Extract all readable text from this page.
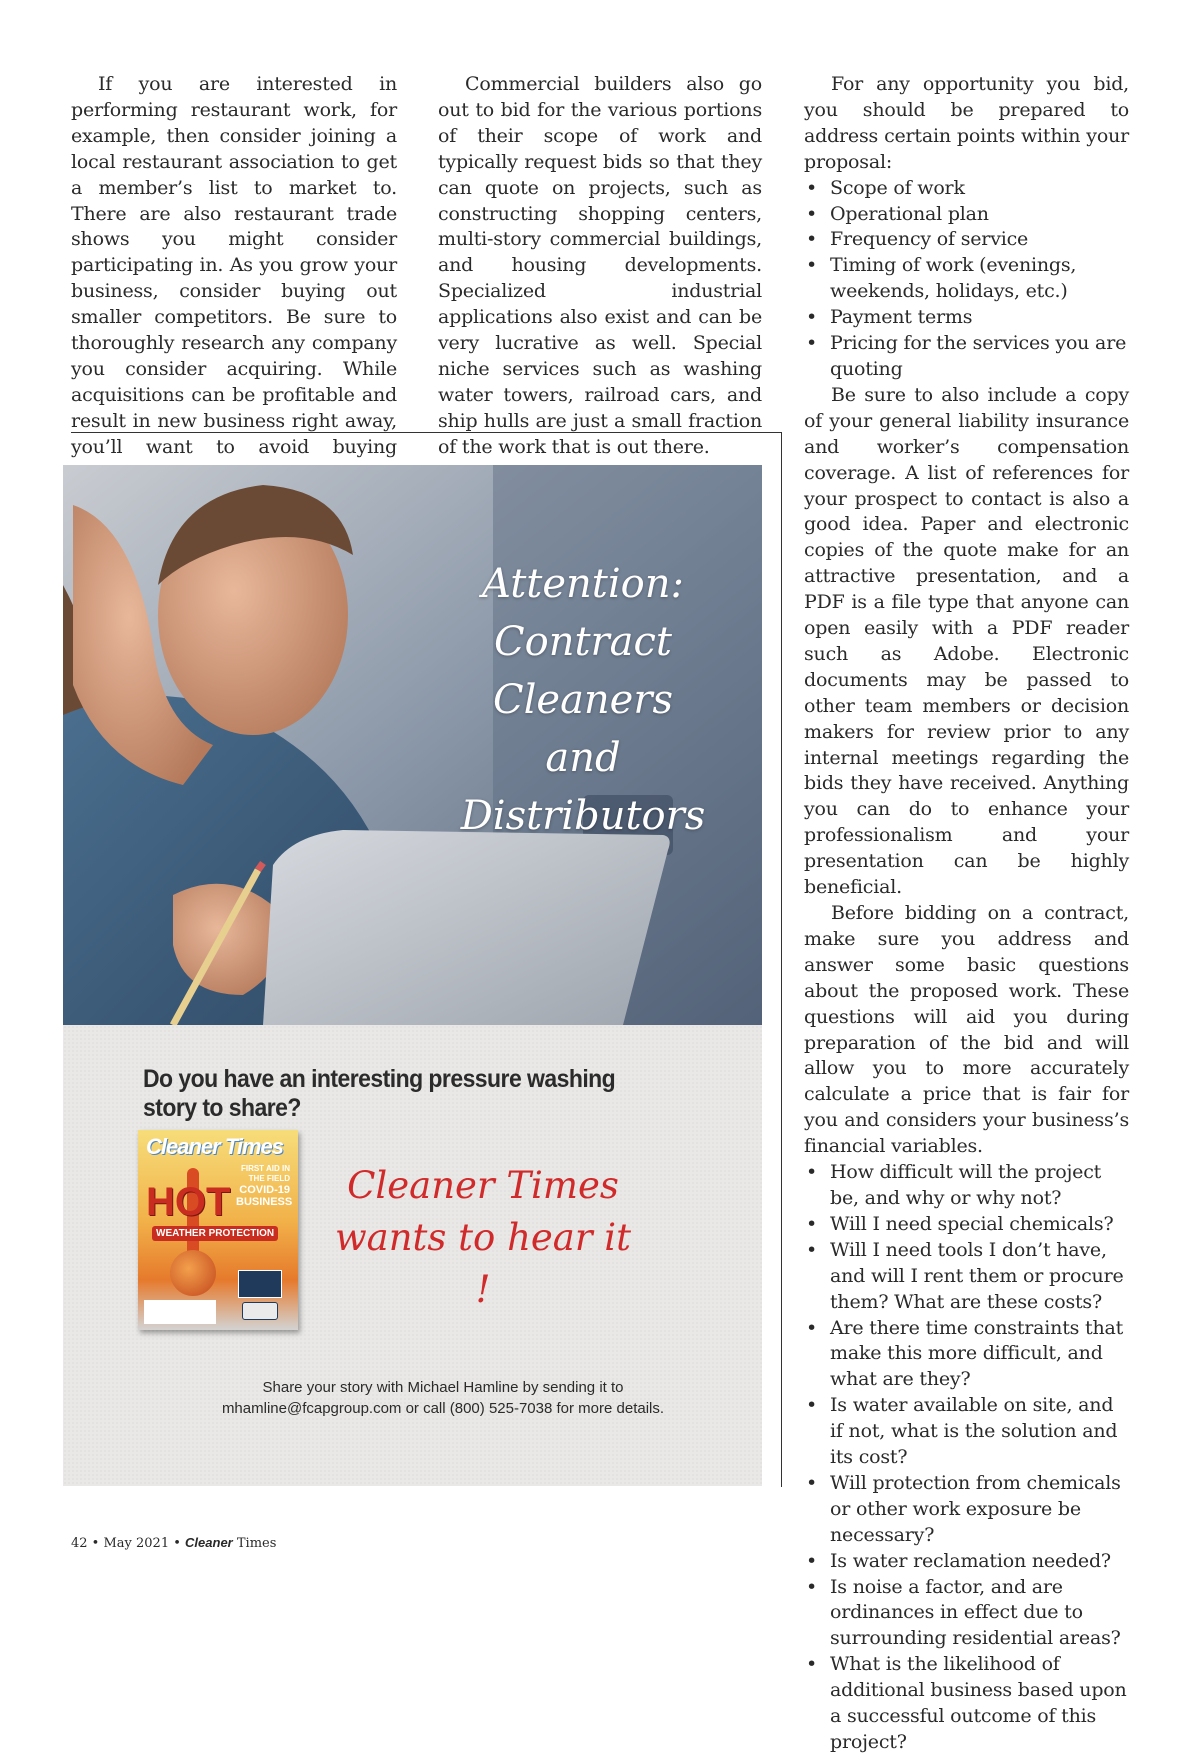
If you are interested in performing restaurant work, for example, then consider joining a local restaurant association to get a member’s list to market to. There are also restaurant trade shows you might consider participating in. As you grow your business, consider buying out smaller competitors. Be sure to thoroughly research any company you consider acquiring. While acquisitions can be profitable and result in new business right away, you’ll want to avoid buying

Commercial builders also go out to bid for the various portions of their scope of work and typically request bids so that they can quote on projects, such as constructing shopping centers, multi-story commercial buildings, and housing developments. Specialized industrial applications also exist and can be very lucrative as well. Special niche services such as washing water towers, railroad cars, and ship hulls are just a small fraction of the work that is out there.

For any opportunity you bid, you should be prepared to address certain points within your proposal:

• Scope of work
• Operational plan
• Frequency of service
• Timing of work (evenings, weekends, holidays, etc.)
• Payment terms
• Pricing for the services you are quoting

Be sure to also include a copy of your general liability insurance and worker’s compensation coverage. A list of references for your prospect to contact is also a good idea. Paper and electronic copies of the quote make for an attractive presentation, and a PDF is a file type that anyone can open easily with a PDF reader such as Adobe. Electronic documents may be passed to other team members or decision makers for review prior to any internal meetings regarding the bids they have received. Anything you can do to enhance your professionalism and your presentation can be highly beneficial.

Before bidding on a contract, make sure you address and answer some basic questions about the proposed work. These questions will aid you during preparation of the bid and will allow you to more accurately calculate a price that is fair for you and considers your business’s financial variables.

• How difficult will the project be, and why or why not?
• Will I need special chemicals?
• Will I need tools I don’t have, and will I rent them or procure them? What are these costs?
• Are there time constraints that make this more difficult, and what are they?
• Is water available on site, and if not, what is the solution and its cost?
• Will protection from chemicals or other work exposure be necessary?
• Is water reclamation needed?
• Is noise a factor, and are ordinances in effect due to surrounding residential areas?
• What is the likelihood of additional business based upon a successful outcome of this project?
Attention:
Contract Cleaners
and Distributors
Do you have an interesting pressure washing story to share?
Cleaner Times
HOT
WEATHER PROTECTION
FIRST AID IN THE FIELD
COVID-19
BUSINESS	Cleaner Times
wants to hear it !
Share your story with Michael Hamline by sending it to
mhamline@fcapgroup.com or call (800) 525-7038 for more details.
42 • May 2021 • Cleaner Times
